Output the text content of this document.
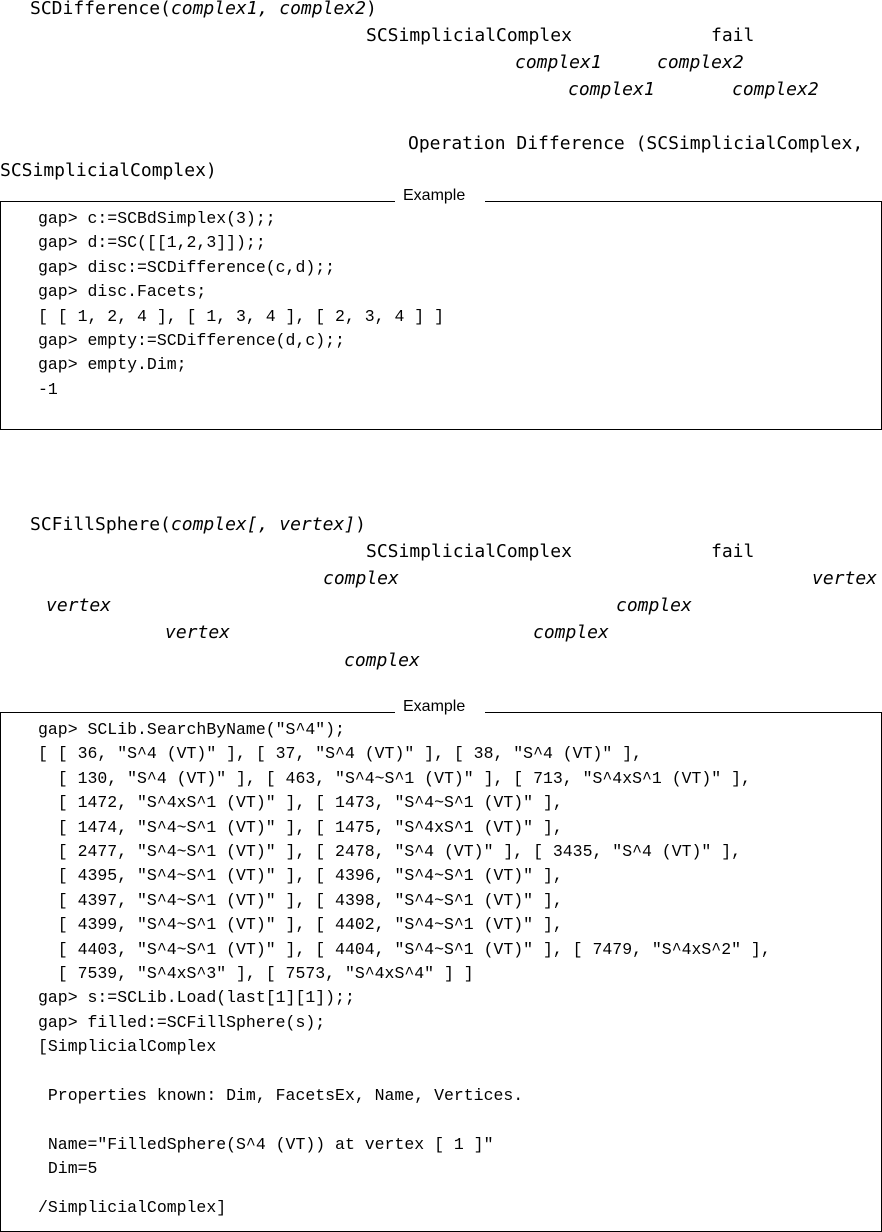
SCDifference(complex1, complex2)
SCSimplicialComplex	fail
complex1	complex2
complex1	complex2
Operation Difference (SCSimplicialComplex,
SCSimplicialComplex)
Example
gap> c:=SCBdSimplex(3);;
gap> d:=SC([[1,2,3]]);;
gap> disc:=SCDifference(c,d);;
gap> disc.Facets;
[ [ 1, 2, 4 ], [ 1, 3, 4 ], [ 2, 3, 4 ] ]
gap> empty:=SCDifference(d,c);;
gap> empty.Dim;
-1
SCFillSphere(complex[, vertex])
SCSimplicialComplex	fail
complex	vertex
vertex	complex
vertex	complex
complex
Example
gap> SCLib.SearchByName("S^4");
[ [ 36, "S^4 (VT)" ], [ 37, "S^4 (VT)" ], [ 38, "S^4 (VT)" ],
[ 130, "S^4 (VT)" ], [ 463, "S^4~S^1 (VT)" ], [ 713, "S^4xS^1 (VT)" ],
[ 1472, "S^4xS^1 (VT)" ], [ 1473, "S^4~S^1 (VT)" ],
[ 1474, "S^4~S^1 (VT)" ], [ 1475, "S^4xS^1 (VT)" ],
[ 2477, "S^4~S^1 (VT)" ], [ 2478, "S^4 (VT)" ], [ 3435, "S^4 (VT)" ],
[ 4395, "S^4~S^1 (VT)" ], [ 4396, "S^4~S^1 (VT)" ],
[ 4397, "S^4~S^1 (VT)" ], [ 4398, "S^4~S^1 (VT)" ],
[ 4399, "S^4~S^1 (VT)" ], [ 4402, "S^4~S^1 (VT)" ],
[ 4403, "S^4~S^1 (VT)" ], [ 4404, "S^4~S^1 (VT)" ], [ 7479, "S^4xS^2" ],
[ 7539, "S^4xS^3" ], [ 7573, "S^4xS^4" ] ]
gap> s:=SCLib.Load(last[1][1]);;
gap> filled:=SCFillSphere(s);
[SimplicialComplex
Properties known: Dim, FacetsEx, Name, Vertices.
Name="FilledSphere(S^4 (VT)) at vertex [ 1 ]"
Dim=5
/SimplicialComplex]
